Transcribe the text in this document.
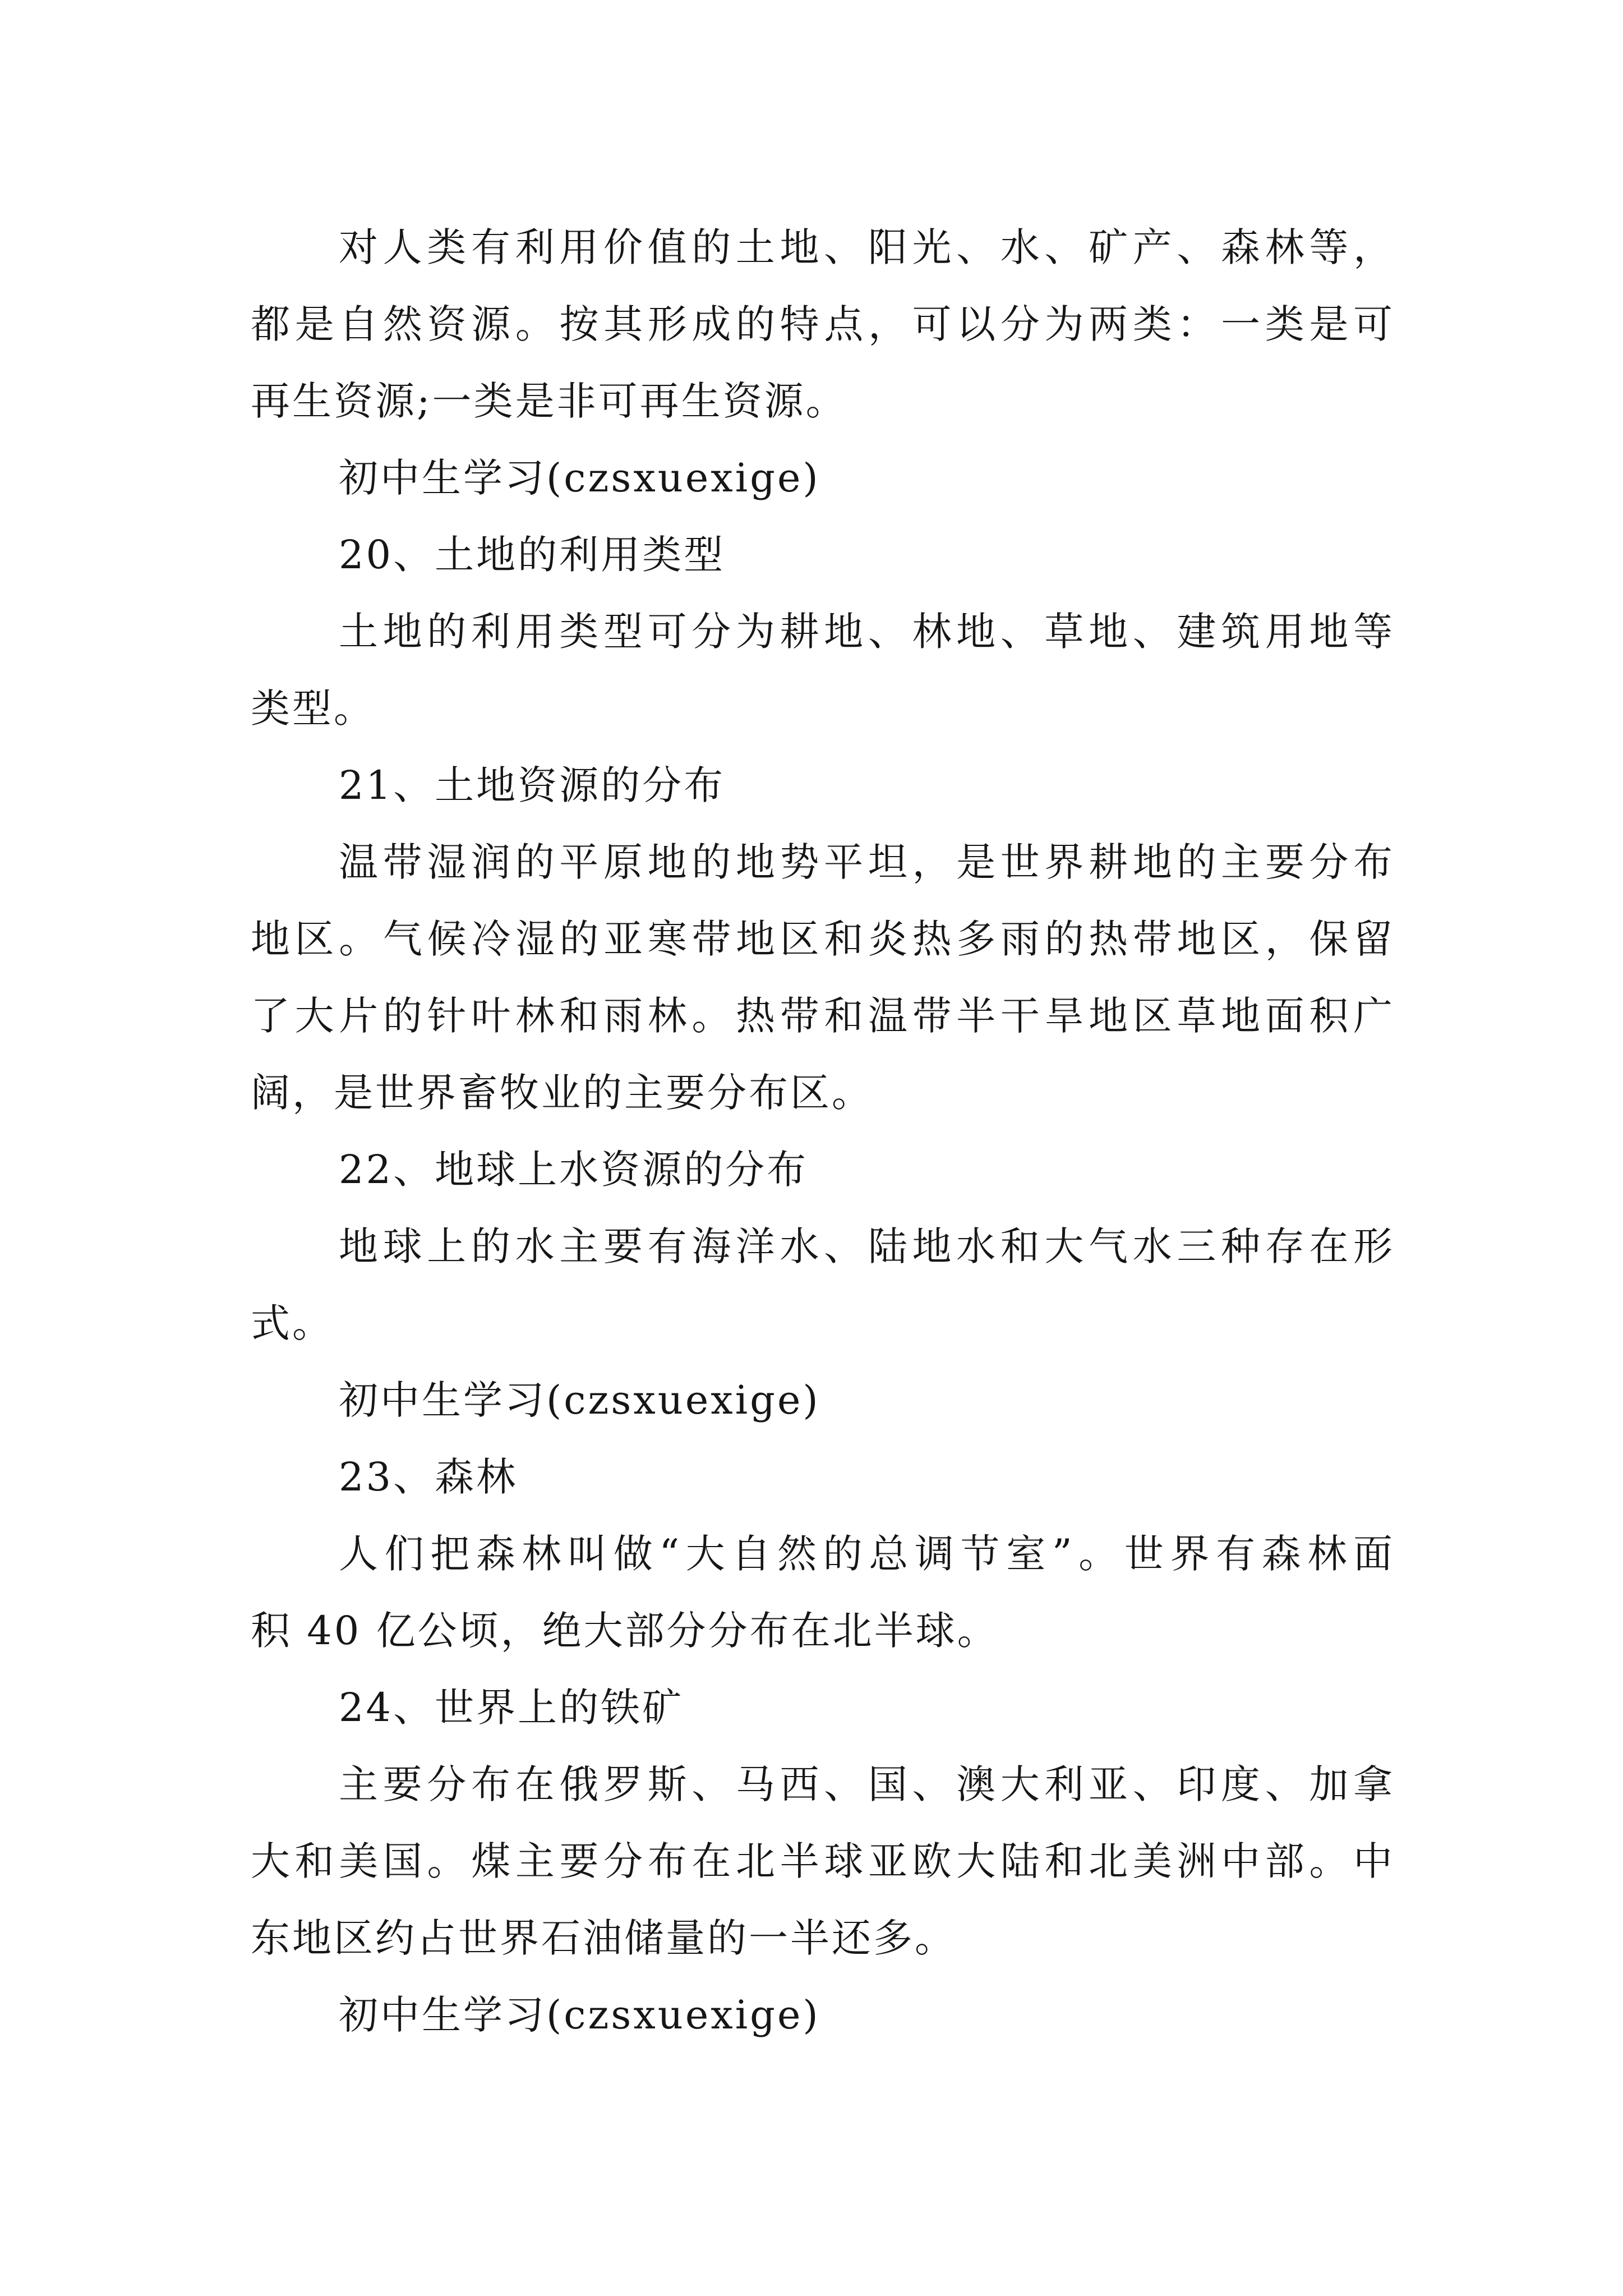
对人类有利用价值的土地、阳光、水、矿产、森林等，
都是自然资源。按其形成的特点，可以分为两类：一类是可
再生资源;一类是非可再生资源。
初中生学习(czsxuexige)
20、土地的利用类型
土地的利用类型可分为耕地、林地、草地、建筑用地等
类型。
21、土地资源的分布
温带湿润的平原地的地势平坦，是世界耕地的主要分布
地区。气候冷湿的亚寒带地区和炎热多雨的热带地区，保留
了大片的针叶林和雨林。热带和温带半干旱地区草地面积广
阔，是世界畜牧业的主要分布区。
22、地球上水资源的分布
地球上的水主要有海洋水、陆地水和大气水三种存在形
式。
初中生学习(czsxuexige)
23、森林
人们把森林叫做“大自然的总调节室”。世界有森林面
积 40 亿公顷，绝大部分分布在北半球。
24、世界上的铁矿
主要分布在俄罗斯、马西、国、澳大利亚、印度、加拿
大和美国。煤主要分布在北半球亚欧大陆和北美洲中部。中
东地区约占世界石油储量的一半还多。
初中生学习(czsxuexige)
